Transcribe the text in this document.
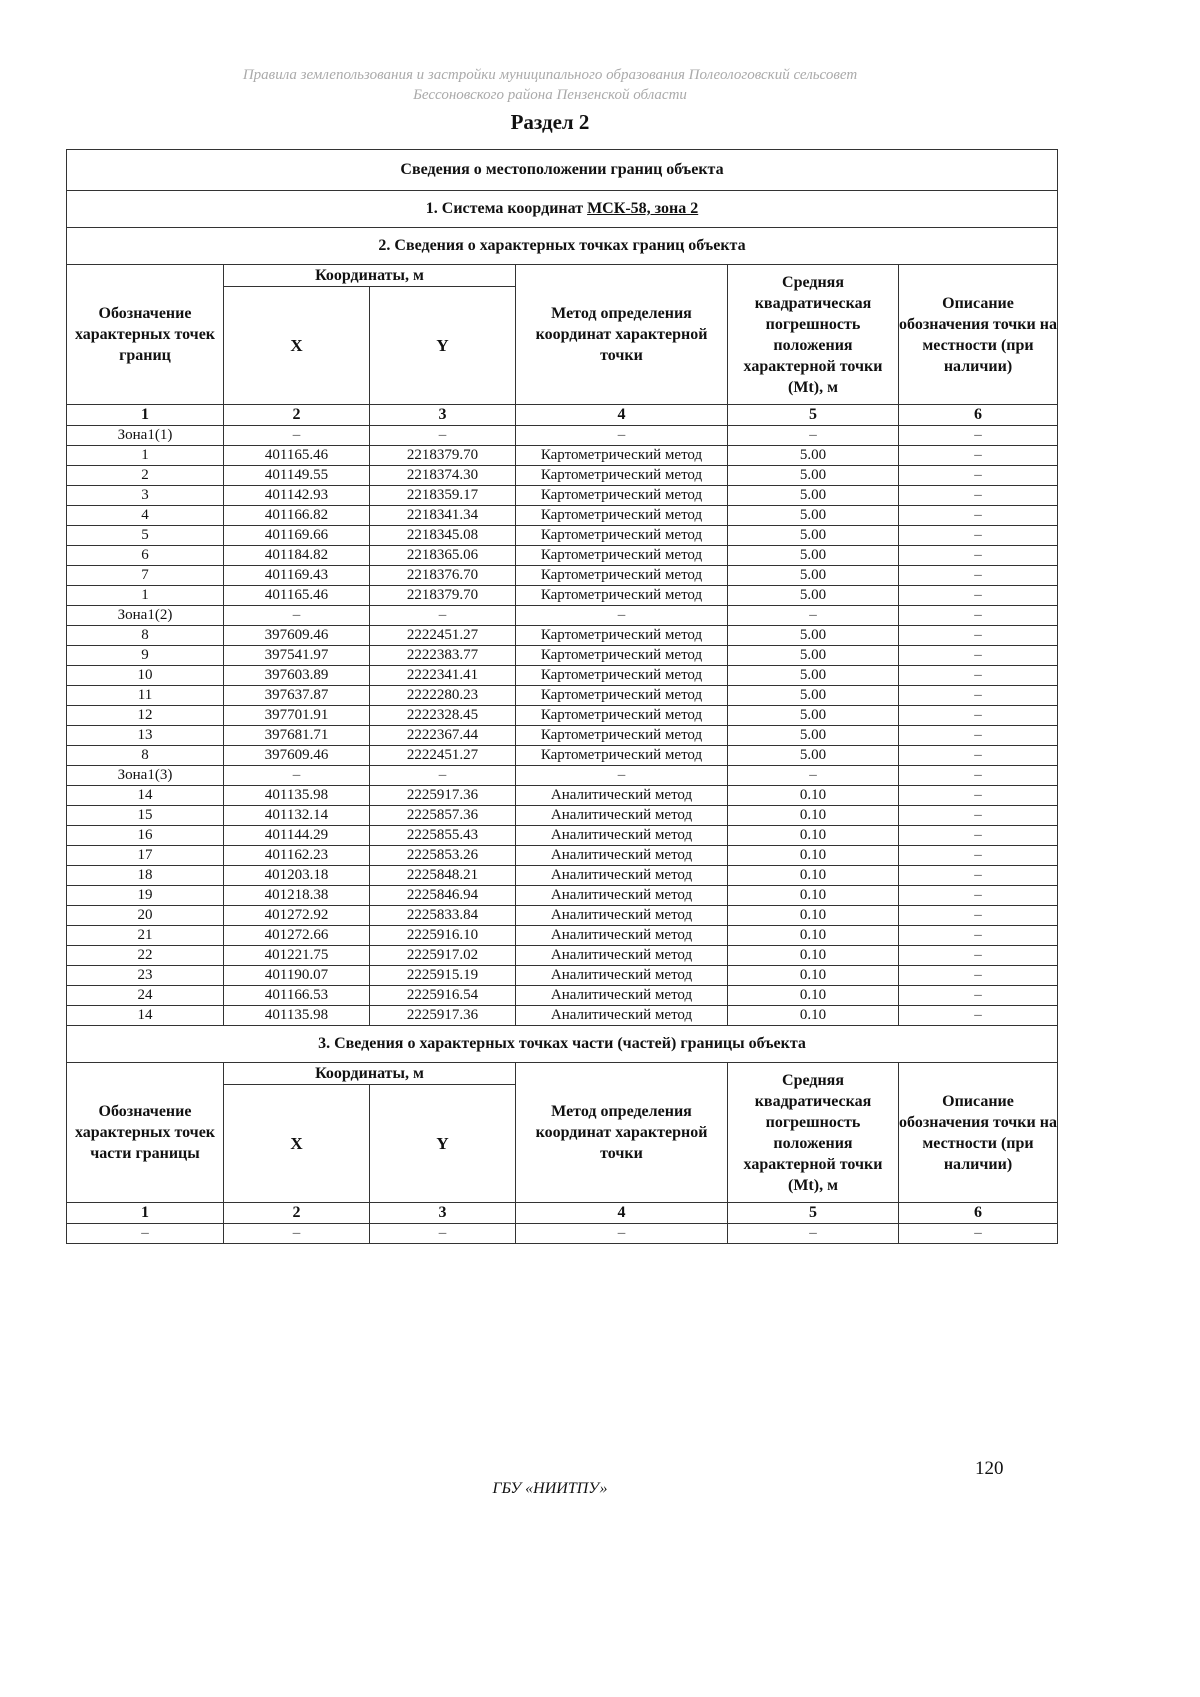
Правила землепользования и застройки муниципального образования Полеологовский сельсовет
Бессоновского района Пензенской области
Раздел 2
Сведения о местоположении границ объекта					
1. Система координат МСК-58, зона 2					
2. Сведения о характерных точках границ объекта					
Обозначение характерных точек границ	Координаты, м		Метод определения координат характерной точки	Средняя квадратическая погрешность положения характерной точки (Mt), м	Описание обозначения точки на местности (при наличии)
	X	Y			
1	2	3	4	5	6
Зона1(1)	–	–	–	–	–
1	401165.46	2218379.70	Картометрический метод	5.00	–
2	401149.55	2218374.30	Картометрический метод	5.00	–
3	401142.93	2218359.17	Картометрический метод	5.00	–
4	401166.82	2218341.34	Картометрический метод	5.00	–
5	401169.66	2218345.08	Картометрический метод	5.00	–
6	401184.82	2218365.06	Картометрический метод	5.00	–
7	401169.43	2218376.70	Картометрический метод	5.00	–
1	401165.46	2218379.70	Картометрический метод	5.00	–
Зона1(2)	–	–	–	–	–
8	397609.46	2222451.27	Картометрический метод	5.00	–
9	397541.97	2222383.77	Картометрический метод	5.00	–
10	397603.89	2222341.41	Картометрический метод	5.00	–
11	397637.87	2222280.23	Картометрический метод	5.00	–
12	397701.91	2222328.45	Картометрический метод	5.00	–
13	397681.71	2222367.44	Картометрический метод	5.00	–
8	397609.46	2222451.27	Картометрический метод	5.00	–
Зона1(3)	–	–	–	–	–
14	401135.98	2225917.36	Аналитический метод	0.10	–
15	401132.14	2225857.36	Аналитический метод	0.10	–
16	401144.29	2225855.43	Аналитический метод	0.10	–
17	401162.23	2225853.26	Аналитический метод	0.10	–
18	401203.18	2225848.21	Аналитический метод	0.10	–
19	401218.38	2225846.94	Аналитический метод	0.10	–
20	401272.92	2225833.84	Аналитический метод	0.10	–
21	401272.66	2225916.10	Аналитический метод	0.10	–
22	401221.75	2225917.02	Аналитический метод	0.10	–
23	401190.07	2225915.19	Аналитический метод	0.10	–
24	401166.53	2225916.54	Аналитический метод	0.10	–
14	401135.98	2225917.36	Аналитический метод	0.10	–
3. Сведения о характерных точках части (частей) границы объекта					
Обозначение характерных точек части границы	Координаты, м		Метод определения координат характерной точки	Средняя квадратическая погрешность положения характерной точки (Mt), м	Описание обозначения точки на местности (при наличии)
	X	Y			
1	2	3	4	5	6
–	–	–	–	–	–
120
ГБУ «НИИТПУ»
